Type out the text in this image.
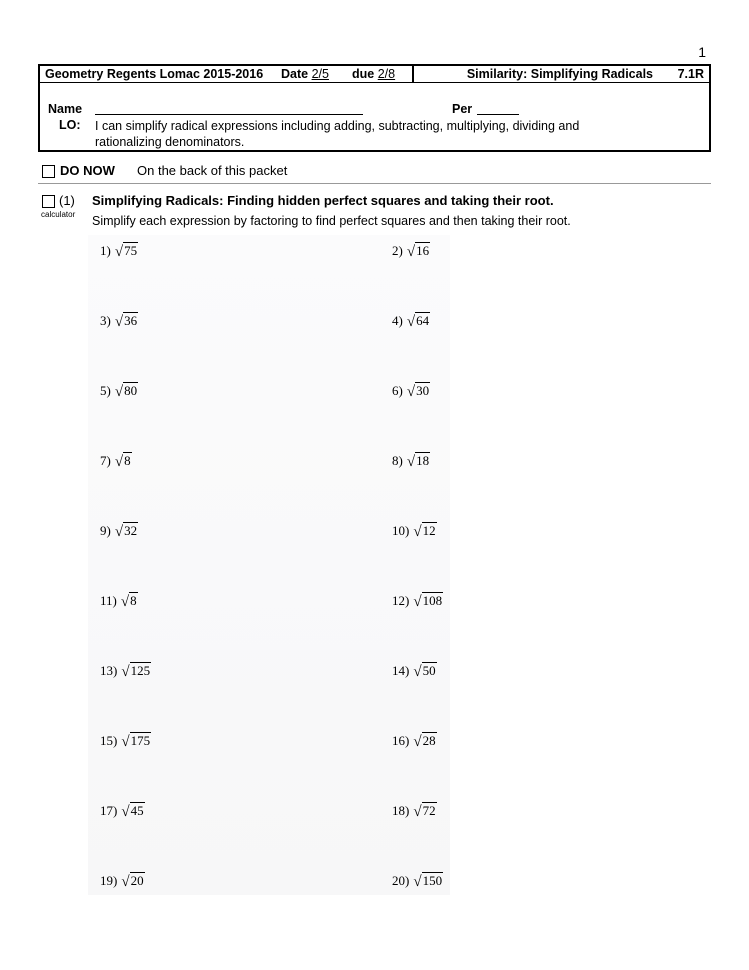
1
Geometry Regents Lomac 2015-2016 Date 2/5 due 2/8	Similarity: Simplifying Radicals 7.1R
Name	Per
LO: I can simplify radical expressions including adding, subtracting, multiplying, dividing and rationalizing denominators.
DO NOW On the back of this packet
(1)
calculator
Simplifying Radicals: Finding hidden perfect squares and taking their root.
Simplify each expression by factoring to find perfect squares and then taking their root.
1) √75	2) √16
3) √36	4) √64
5) √80	6) √30
7) √8	8) √18
9) √32	10) √12
11) √8	12) √108
13) √125	14) √50
15) √175	16) √28
17) √45	18) √72
19) √20	20) √150
